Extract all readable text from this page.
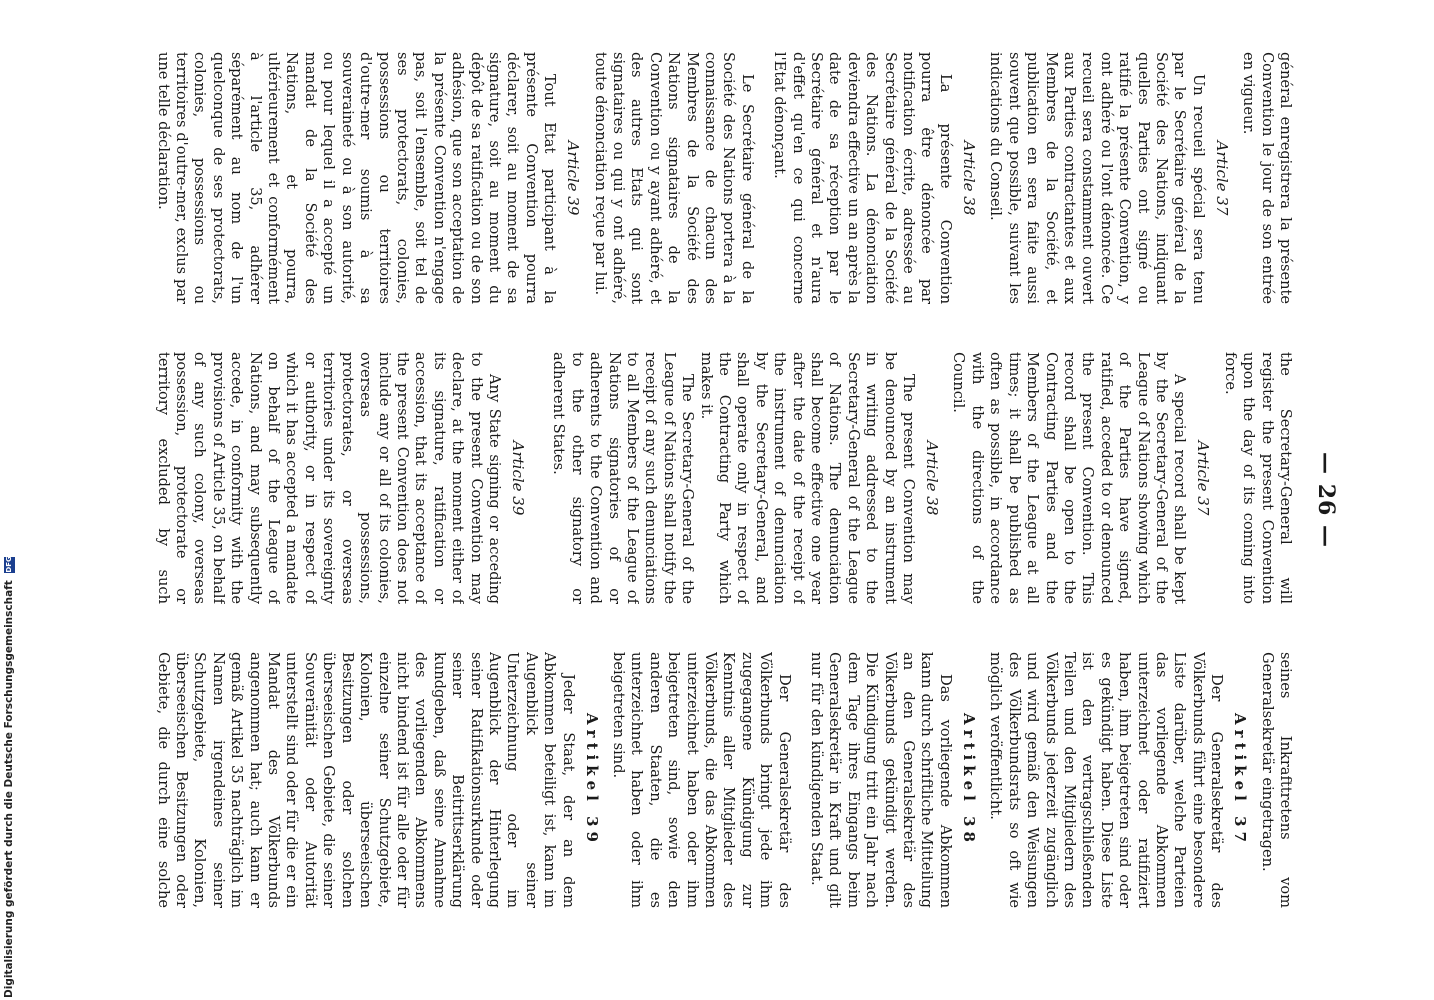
— 26 —

général enregistrera la présente Convention le jour de son entrée en vigueur.

Article 37

Un recueil spécial sera tenu par le Secrétaire général de la Société des Nations, indiquant quelles Parties ont signé ou ratifié la présente Convention, y ont adhéré ou l'ont dénoncée. Ce recueil sera constamment ouvert aux Parties contractantes et aux Membres de la Société, et publication en sera faite aussi souvent que possible, suivant les indications du Conseil.

Article 38

La présente Convention pourra être dénoncée par notification écrite, adressée au Secrétaire général de la Société des Nations. La dénonciation deviendra effective un an après la date de sa réception par le Secrétaire général et n'aura d'effet qu'en ce qui concerne l'Etat dénonçant.

Le Secrétaire général de la Société des Nations portera à la connaissance de chacun des Membres de la Société des Nations signataires de la Convention ou y ayant adhéré, et des autres Etats qui sont signataires ou qui y ont adhéré, toute dénonciation reçue par lui.

Article 39

Tout Etat participant à la présente Convention pourra déclarer, soit au moment de sa signature, soit au moment du dépôt de sa ratification ou de son adhésion, que son acceptation de la présente Convention n'engage pas, soit l'ensemble, soit tel de ses protectorats, colonies, possessions ou territoires d'outre-mer soumis à sa souveraineté ou à son autorité, ou pour lequel il a accepté un mandat de la Société des Nations, et pourra, ultérieurement et conformément à l'article 35, adhérer séparément au nom de l'un quelconque de ses protectorats, colonies, possessions ou territoires d'outre-mer, exclus par une telle déclaration.

the Secretary-General will register the present Convention upon the day of its coming into force.

Article 37

A special record shall be kept by the Secretary-General of the League of Nations showing which of the Parties have signed, ratified, acceded to or denounced the present Convention. This record shall be open to the Contracting Parties and the Members of the League at all times; it shall be published as often as possible, in accordance with the directions of the Council.

Article 38

The present Convention may be denounced by an instrument in writing addressed to the Secretary-General of the League of Nations. The denunciation shall become effective one year after the date of the receipt of the instrument of denunciation by the Secretary-General, and shall operate only in respect of the Contracting Party which makes it.

The Secretary-General of the League of Nations shall notify the receipt of any such denunciations to all Members of the League of Nations signatories of or adherents to the Convention and to the other signatory or adherent States.

Article 39

Any State signing or acceding to the present Convention may declare, at the moment either of its signature, ratification or accession, that its acceptance of the present Convention does not include any or all of its colonies, overseas possessions, protectorates, or overseas territories under its sovereignty or authority, or in respect of which it has accepted a mandate on behalf of the League of Nations, and may subsequently accede, in conformity with the provisions of Article 35, on behalf of any such colony, overseas possession, protectorate or territory excluded by such

seines Inkrafttretens vom Generalsekretär eingetragen.

Artikel 37

Der Generalsekretär des Völkerbunds führt eine besondere Liste darüber, welche Parteien das vorliegende Abkommen unterzeichnet oder ratifiziert haben, ihm beigetreten sind oder es gekündigt haben. Diese Liste ist den vertragschließenden Teilen und den Mitgliedern des Völkerbunds jederzeit zugänglich und wird gemäß den Weisungen des Völkerbundsrats so oft wie möglich veröffentlicht.

Artikel 38

Das vorliegende Abkommen kann durch schriftliche Mitteilung an den Generalsekretär des Völkerbunds gekündigt werden. Die Kündigung tritt ein Jahr nach dem Tage ihres Eingangs beim Generalsekretär in Kraft und gilt nur für den kündigenden Staat.

Der Generalsekretär des Völkerbunds bringt jede ihm zugegangene Kündigung zur Kenntnis aller Mitglieder des Völkerbunds, die das Abkommen unterzeichnet haben oder ihm beigetreten sind, sowie den anderen Staaten, die es unterzeichnet haben oder ihm beigetreten sind.

Artikel 39

Jeder Staat, der an dem Abkommen beteiligt ist, kann im Augenblick seiner Unterzeichnung oder im Augenblick der Hinterlegung seiner Ratifikationsurkunde oder seiner Beitrittserklärung kundgeben, daß seine Annahme des vorliegenden Abkommens nicht bindend ist für alle oder für einzelne seiner Schutzgebiete, Kolonien, überseeischen Besitzungen oder solchen überseeischen Gebiete, die seiner Souveränität oder Autorität unterstellt sind oder für die er ein Mandat des Völkerbunds angenommen hat; auch kann er gemäß Artikel 35 nachträglich im Namen irgendeines seiner Schutzgebiete, Kolonien, überseeischen Besitzungen oder Gebiete, die durch eine solche

Digitalisierung gefördert durch die Deutsche Forschungsgemeinschaft DFG
